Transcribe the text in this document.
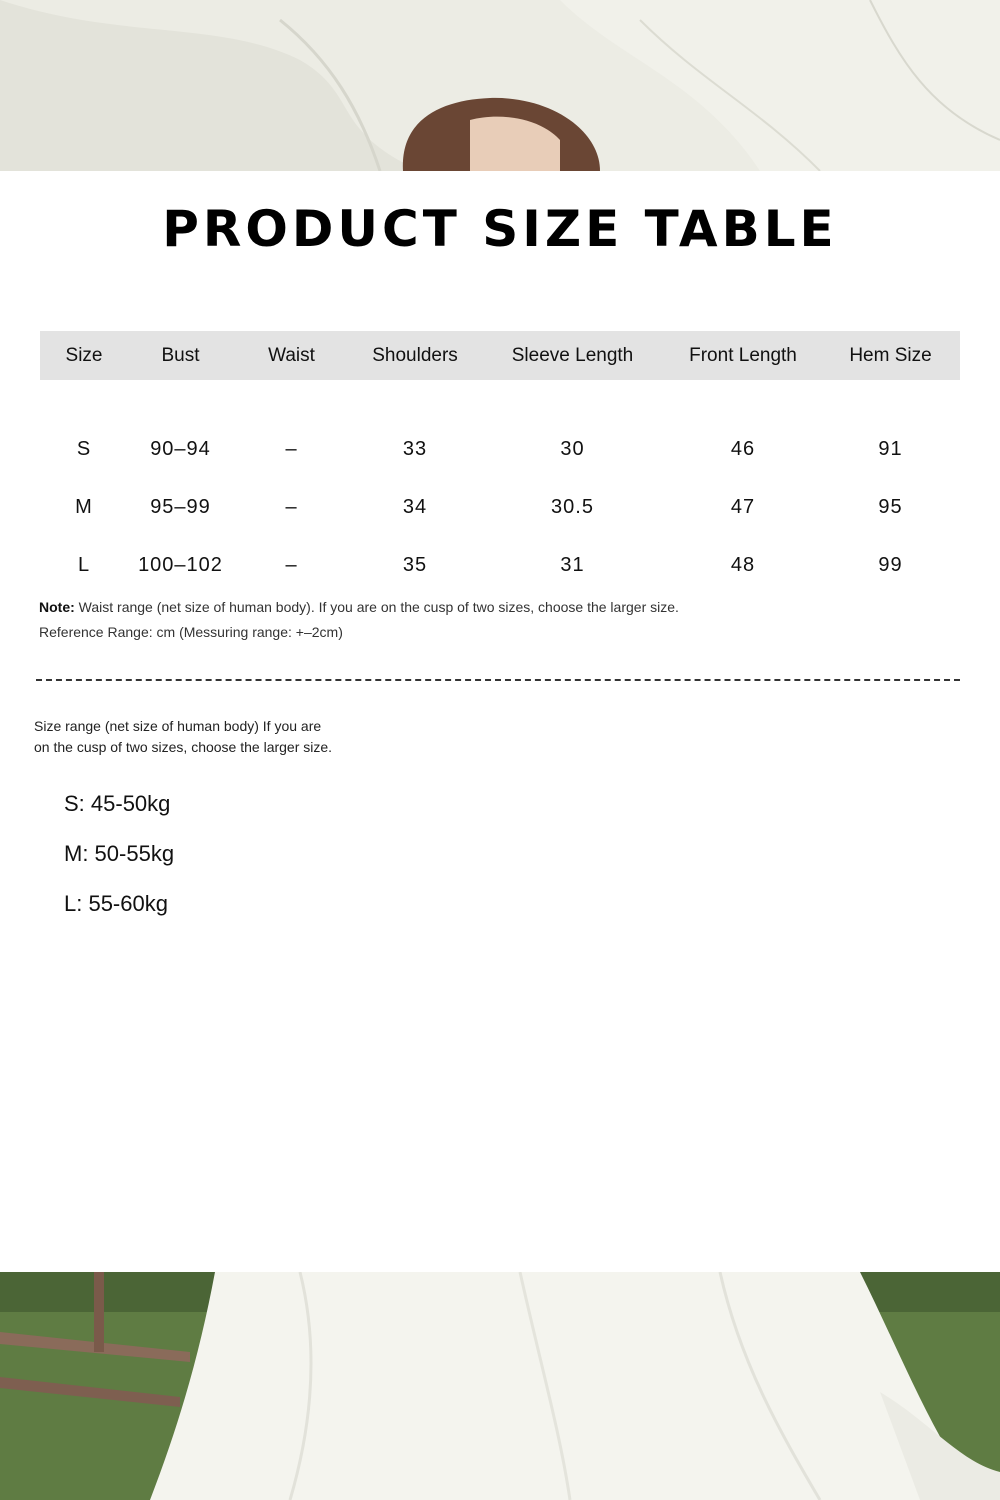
PRODUCT SIZE TABLE
Size	Bust	Waist	Shoulders	Sleeve Length	Front Length	Hem Size
S	90–94	–	33	30	46	91
M	95–99	–	34	30.5	47	95
L	100–102	–	35	31	48	99
Note: Waist range (net size of human body). If you are on the cusp of two sizes, choose the larger size.
Reference Range: cm (Messuring range: +–2cm)
Size range (net size of human body) If you are
on the cusp of two sizes, choose the larger size.
S: 45-50kg
M: 50-55kg
L: 55-60kg
